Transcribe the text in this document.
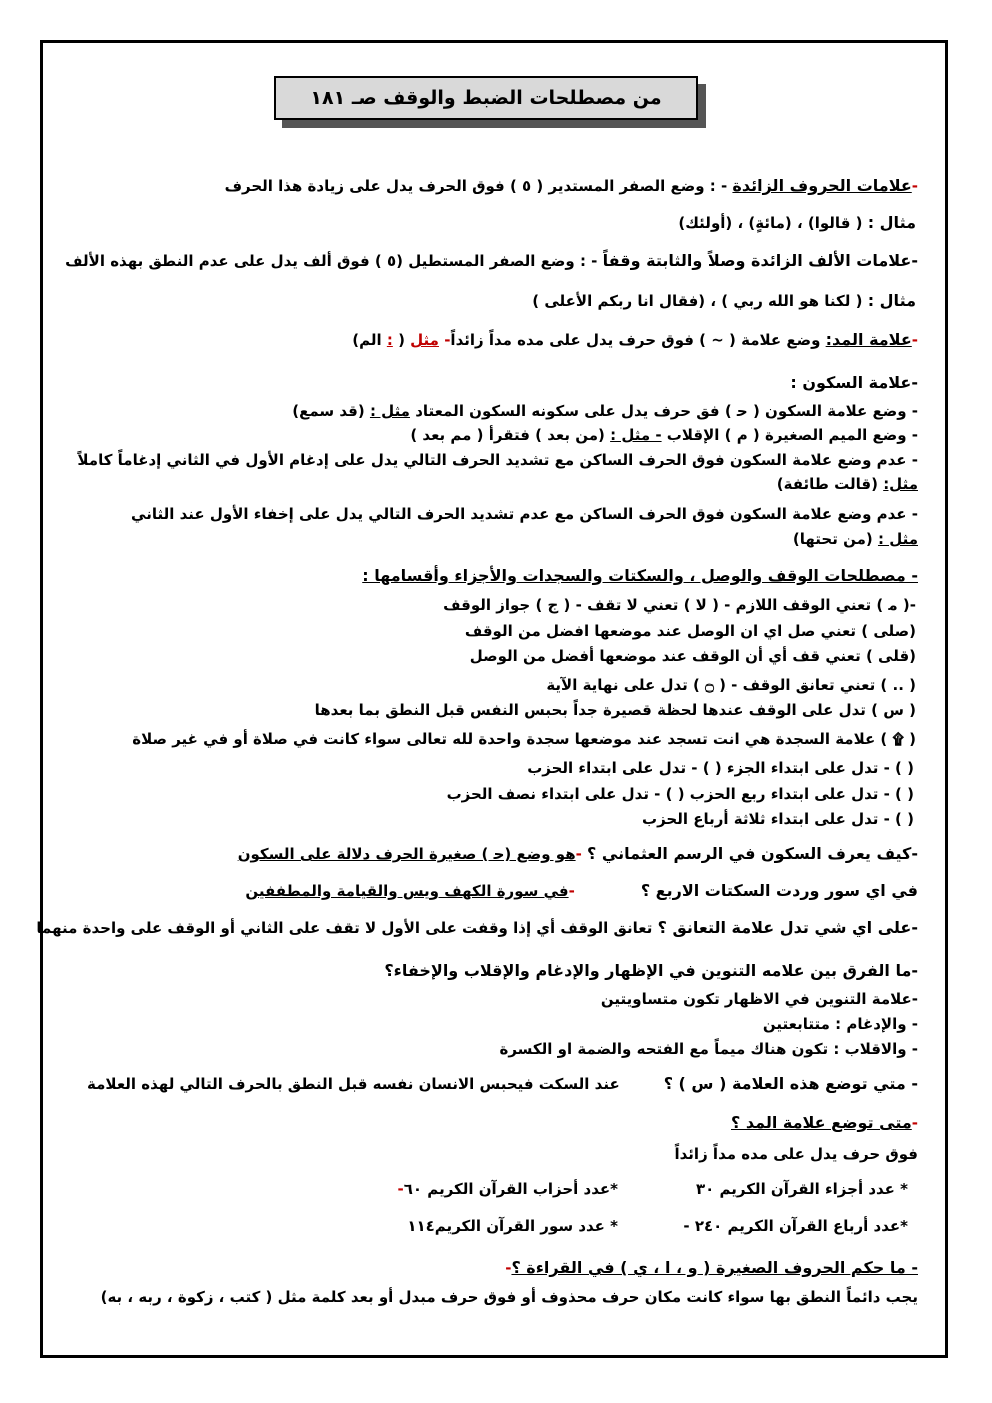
من مصطلحات الضبط والوقف صـ ١٨١
-علامات الحروف الزائدة - : وضع الصفر المستدير ( ٥ ) فوق الحرف يدل على زيادة هذا الحرف
مثال : ( قالوا) ، (مائةٍ) ، (أولئك)
-علامات الألف الزائدة وصلاً والثابتة وقفاً - : وضع الصفر المستطيل (٥ ) فوق ألف يدل على عدم النطق بهذه الألف
مثال : ( لكنا هو الله ربي ) ، (فقال انا ربكم الأعلى )
-علامة المد: وضع علامة ( ~ ) فوق حرف يدل على مده مداً زائداً- مثل ( : الم)
-علامة السكون :
- وضع علامة السكون ( ﺣ ) فق حرف يدل على سكونه السكون المعتاد مثل : (قد سمع)
- وضع الميم الصغيرة ( م ) الإقلاب - مثل : (من بعد ) فتقرأ ( مم بعد )
- عدم وضع علامة السكون فوق الحرف الساكن مع تشديد الحرف التالي يدل على إدغام الأول في الثاني إدغاماً كاملاً
مثل: (قالت طائفة)
- عدم وضع علامة السكون فوق الحرف الساكن مع عدم تشديد الحرف التالي يدل على إخفاء الأول عند الثاني
مثل : (من تحتها)
- مصطلحات الوقف والوصل ، والسكتات والسجدات والأجزاء وأقسامها :
-( ﻣ ) تعني الوقف اللازم - ( لا ) تعني لا تقف - ( ج ) جواز الوقف
(صلى ) تعني صل اي ان الوصل عند موضعها افضل من الوقف
(قلى ) تعني قف أي أن الوقف عند موضعها أفضل من الوصل
( .. ) تعني تعانق الوقف - ( ۝ ) تدل على نهاية الآية
( س ) تدل على الوقف عندها لحظة قصيرة جداً بحبس النفس قبل النطق بما بعدها
( ۩ ) علامة السجدة هي انت تسجد عند موضعها سجدة واحدة لله تعالى سواء كانت في صلاة أو في غير صلاة
( ) - تدل على ابتداء الجزء ( ) - تدل على ابتداء الحزب
( ) - تدل على ابتداء ربع الحزب ( ) - تدل على ابتداء نصف الحزب
( ) - تدل على ابتداء ثلاثة أرباع الحزب
-كيف يعرف السكون في الرسم العثماني ؟ -هو وضع (ﺣ ) صغيرة الحرف دلالة على السكون
في اي سور وردت السكتات الاربع ؟-في سورة الكهف ويس والقيامة والمطففين
-على اي شي تدل علامة التعانق ؟ تعانق الوقف أي إذا وقفت على الأول لا تقف على الثاني أو الوقف على واحدة منهما
-ما الفرق بين علامه التنوين في الإظهار والإدغام والإقلاب والإخفاء؟
-علامة التنوين في الاظهار تكون متساويتين
- والإدغام : متتابعتين
- والاقلاب : تكون هناك ميماً مع الفتحه والضمة او الكسرة
- متي توضع هذه العلامة ( س ) ؟عند السكت فيحبس الانسان نفسه قبل النطق بالحرف التالي لهذه العلامة
-متى توضع علامة المد ؟
فوق حرف يدل على مده مداً زائداً
* عدد أجزاء القرآن الكريم ٣٠
*عدد أحزاب القرآن الكريم ٦٠-
*عدد أرباع القرآن الكريم ٢٤٠ -
* عدد سور القرآن الكريم١١٤
- ما حكم الحروف الصغيرة ( و ، ا ، ي ) في القراءة ؟-
يجب دائماً النطق بها سواء كانت مكان حرف محذوف أو فوق حرف مبدل أو بعد كلمة مثل ( كتب ، زكوة ، ربه ، به)
